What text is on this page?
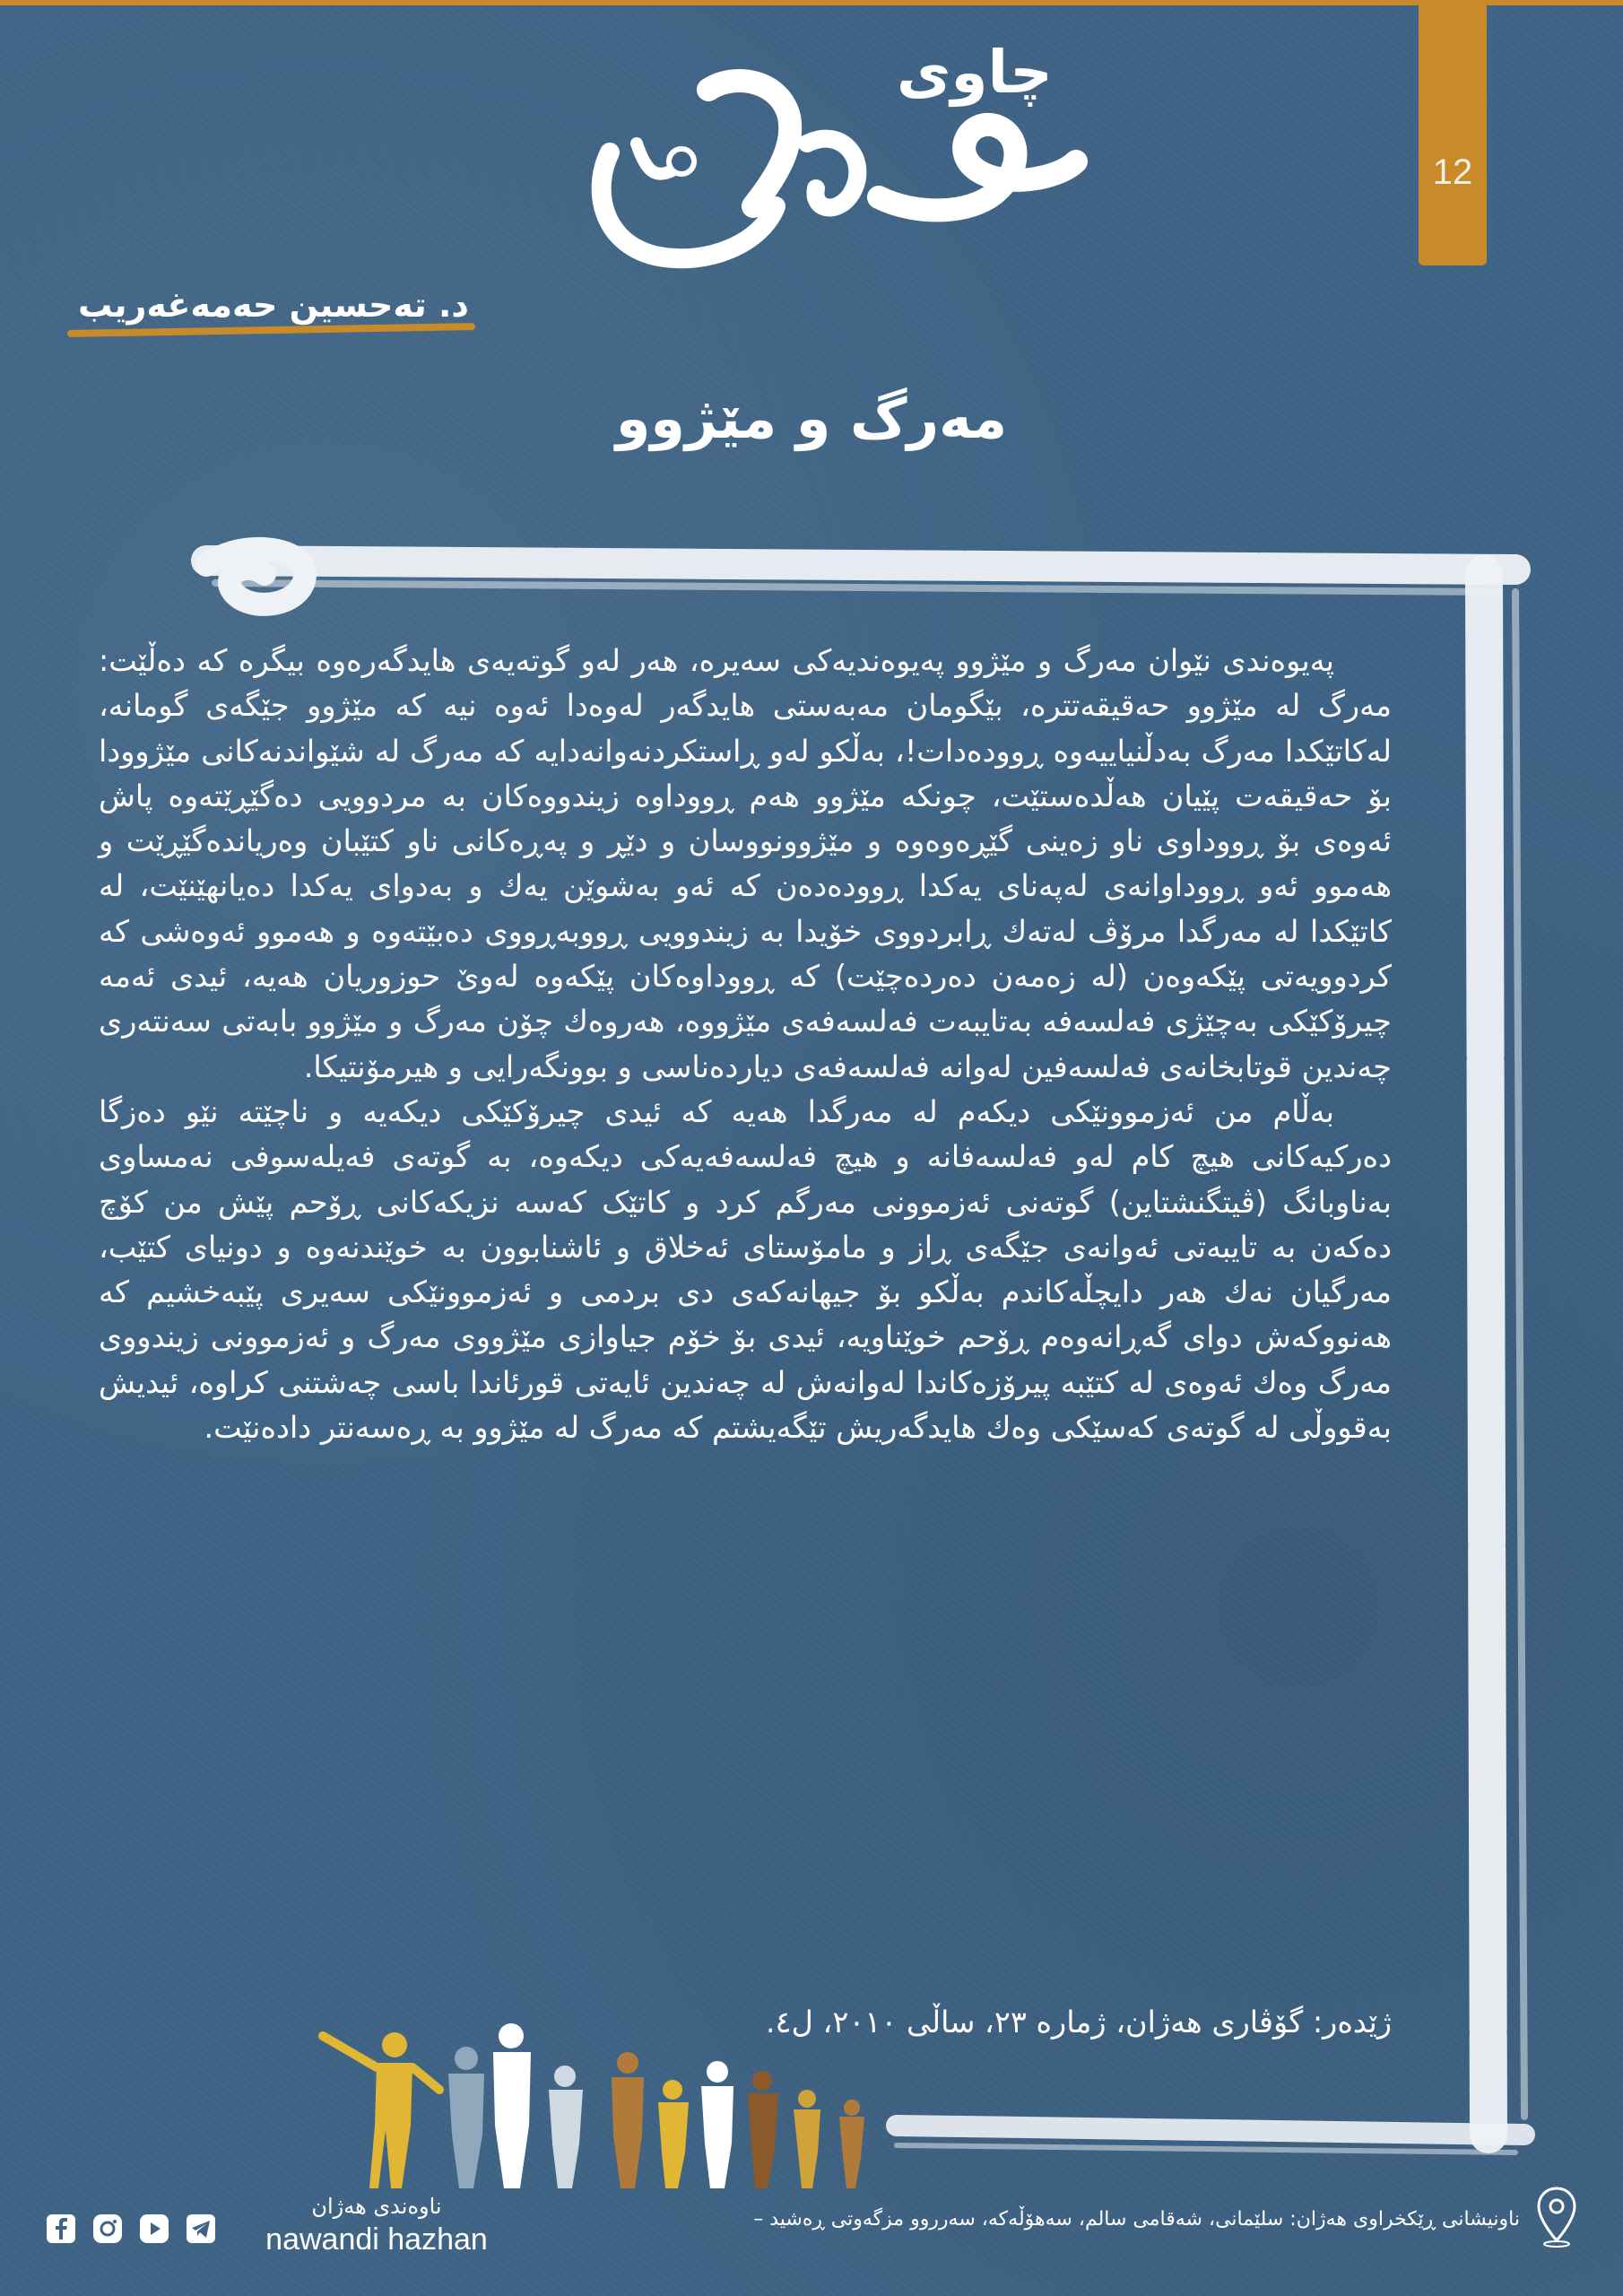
12
چاوی
د. تەحسین حەمەغەریب
مەرگ و مێژوو

پەیوەندی نێوان مەرگ و مێژوو پەیوەندیەکی سەیرە، هەر لەو گوتەیەی هایدگەرەوە بیگرە کە دەڵێت: مەرگ لە مێژوو حەقیقەتترە، بێگومان مەبەستی هایدگەر لەوەدا ئەوە نیە کە مێژوو جێگەی گومانە، لەکاتێکدا مەرگ بەدڵنیاییەوە ڕوودەدات!، بەڵکو لەو ڕاستکردنەوانەدایە کە مەرگ لە شێواندنەکانی مێژوودا بۆ حەقیقەت پێیان هەڵدەستێت، چونکە مێژوو هەم ڕووداوە زیندووەکان بە مردوویی دەگێڕێتەوە پاش ئەوەی بۆ ڕووداوی ناو زەینی گێڕەوەوە و مێژوونووسان و دێڕ و پەڕەکانی ناو کتێبان وەریاندەگێڕێت و هەموو ئەو ڕووداوانەی لەپەنای یەکدا ڕوودەدەن کە ئەو بەشوێن یەك و بەدوای یەکدا دەیانهێنێت، لە کاتێکدا لە مەرگدا مرۆڤ لەتەك ڕابردووی خۆیدا بە زیندوویی ڕووبەڕووی دەبێتەوە و هەموو ئەوەشی کە کردوویەتی پێکەوەن (لە زەمەن دەردەچێت) کە ڕووداوەکان پێکەوە لەوێ حوزوریان هەیە، ئیدی ئەمە چیرۆکێکی بەچێژی فەلسەفە بەتایبەت فەلسەفەی مێژووە، هەروەك چۆن مەرگ و مێژوو بابەتی سەنتەری چەندین قوتابخانەی فەلسەفین لەوانە فەلسەفەی دیاردەناسی و بوونگەرایی و هیرمۆنتیکا.

بەڵام من ئەزموونێکی دیکەم لە مەرگدا هەیە کە ئیدی چیرۆکێکی دیکەیە و ناچێتە نێو دەزگا دەرکیەکانی هیچ کام لەو فەلسەفانە و هیچ فەلسەفەیەکی دیکەوە، بە گوتەی فەیلەسوفی نەمساوی بەناوبانگ (ڤیتگنشتاین) گوتەنی ئەزموونی مەرگم کرد و کاتێک کەسە نزیکەکانی ڕۆحم پێش من کۆچ دەکەن بە تایبەتی ئەوانەی جێگەی ڕاز و مامۆستای ئەخلاق و ئاشنابوون بە خوێندنەوە و دونیای کتێب، مەرگیان نەك هەر دایچڵەکاندم بەڵکو بۆ جیهانەکەی دی بردمی و ئەزموونێکی سەیری پێبەخشیم کە هەنووکەش دوای گەڕانەوەم ڕۆحم خوێناویە، ئیدی بۆ خۆم جیاوازی مێژووی مەرگ و ئەزموونی زیندووی مەرگ وەك ئەوەی لە کتێبە پیرۆزەکاندا لەوانەش لە چەندین ئایەتی قورئاندا باسی چەشتنی کراوە، ئیدیش بەقووڵی لە گوتەی کەسێکی وەك هایدگەریش تێگەیشتم کە مەرگ لە مێژوو بە ڕەسەنتر دادەنێت.

ژێدەر: گۆڤاری هەژان، ژمارە ٢٣، ساڵی ٢٠١٠، ل٤.
ناونیشانی ڕێکخراوی هەژان: سلێمانی، شەقامی سالم، سەهۆڵەکە، سەرروو مزگەوتی ڕەشید –
ناوەندی هەژان
nawandi hazhan
